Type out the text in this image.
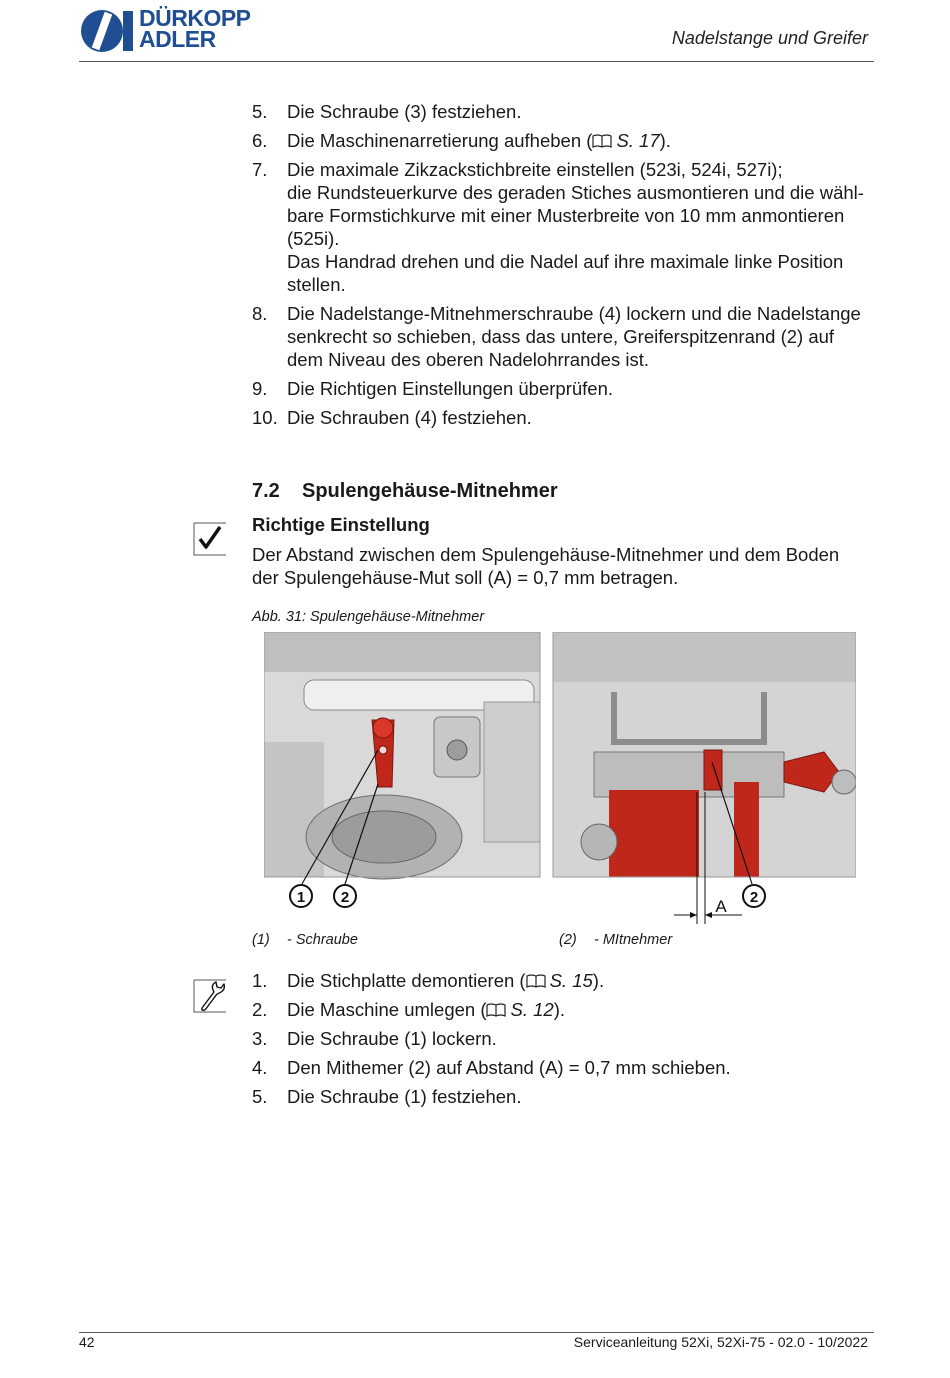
DÜRKOPP
ADLER	Nadelstange und Greifer
5.	Die Schraube (3) festziehen.
6.	Die Maschinenarretierung aufheben ( S. 17).
7.	Die maximale Zikzackstichbreite einstellen (523i, 524i, 527i);
die Rundsteuerkurve des geraden Stiches ausmontieren und die wähl-
bare Formstichkurve mit einer Musterbreite von 10 mm anmontieren
(525i).
Das Handrad drehen und die Nadel auf ihre maximale linke Position
stellen.
8.	Die Nadelstange-Mitnehmerschraube (4) lockern und die Nadelstange
senkrecht so schieben, dass das untere, Greiferspitzenrand (2) auf
dem Niveau des oberen Nadelohrrandes ist.
9.	Die Richtigen Einstellungen überprüfen.
10. Die Schrauben (4) festziehen.
7.2 Spulengehäuse-Mitnehmer
Richtige Einstellung

Der Abstand zwischen dem Spulengehäuse-Mitnehmer und dem Boden
der Spulengehäuse-Mut soll (A) = 0,7 mm betragen.

Abb. 31: Spulengehäuse-Mitnehmer
1 2	2
A
(1) - Schraube	(2) - MItnehmer
1.	Die Stichplatte demontieren ( S. 15).
2.	Die Maschine umlegen ( S. 12).
3.	Die Schraube (1) lockern.
4.	Den Mithemer (2) auf Abstand (A) = 0,7 mm schieben.
5.	Die Schraube (1) festziehen.
42	Serviceanleitung 52Xi, 52Xi-75 - 02.0 - 10/2022
